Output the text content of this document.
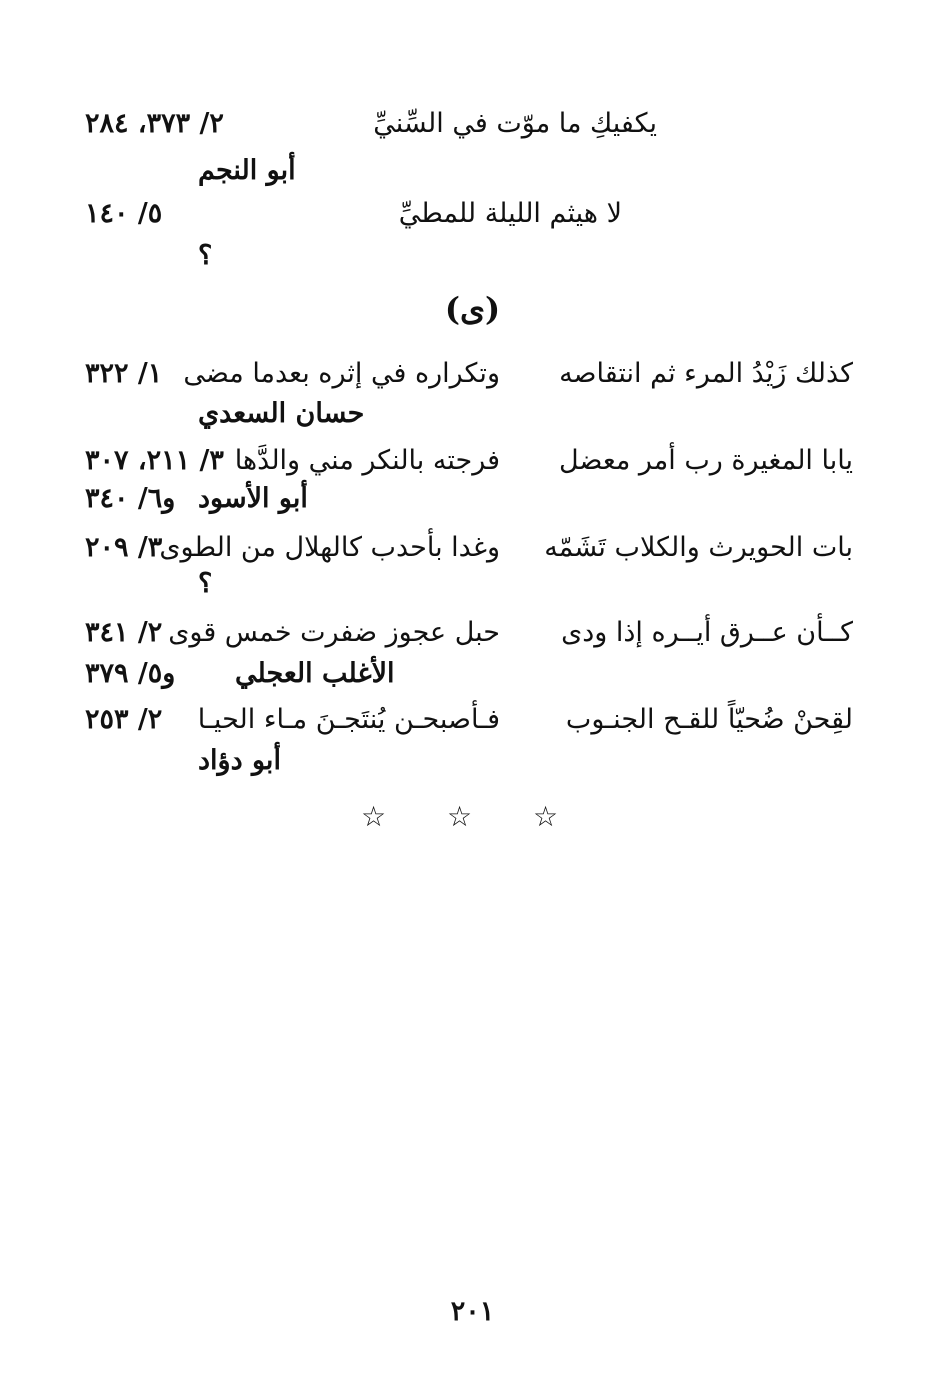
يكفيكِ ما موّت في السِّنيِّ
٢/ ٣٧٣، ٢٨٤
أبو النجم
لا هيثم الليلة للمطيِّ
٥/ ١٤٠
؟
(ى)
كذلك زَيْدُ المرء ثم انتقاصه
وتكراره في إثره بعدما مضى
١/ ٣٢٢
حسان السعدي
يابا المغيرة رب أمر معضل
فرجته بالنكر مني والدَّها
٣/ ٢١١، ٣٠٧
أبو الأسود
و٦/ ٣٤٠
بات الحويرث والكلاب تَشَمّه
وغدا بأحدب كالهلال من الطوى
٣/ ٢٠٩
؟
كــأن عــرق أيــره إذا ودى
حبل عجوز ضفرت خمس قوى
٢/ ٣٤١
الأغلب العجلي
و٥/ ٣٧٩
لقِحنْ ضُحيّاً للقـح الجنـوب
فـأصبحـن يُنتَجـنَ مـاء الحيـا
٢/ ٢٥٣
أبو دؤاد
☆ ☆ ☆
٢٠١
